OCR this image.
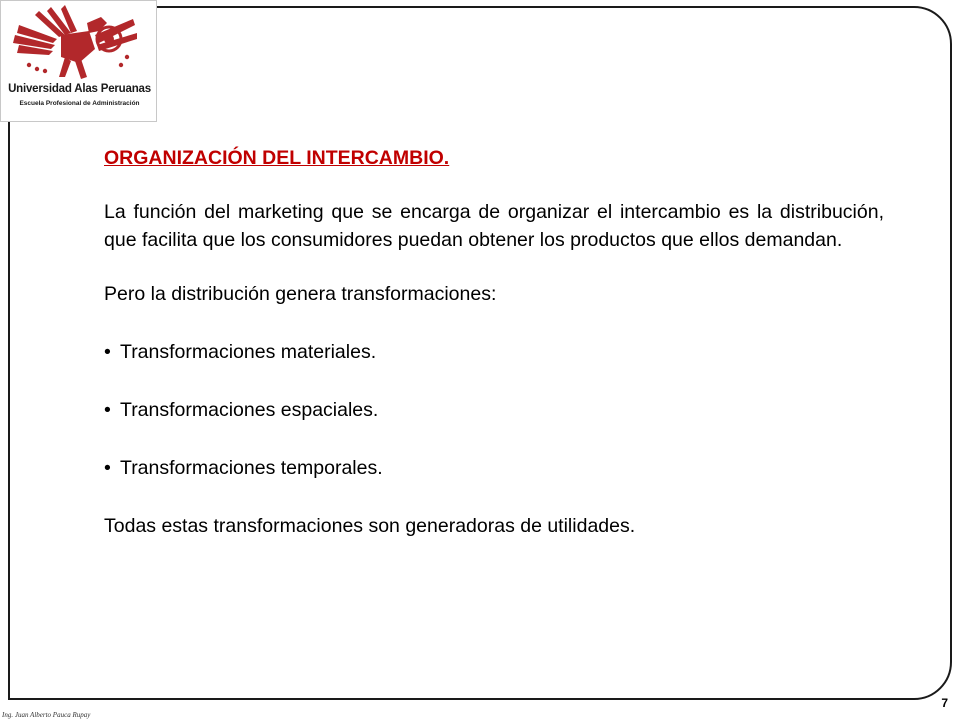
Universidad Alas Peruanas
Escuela Profesional de Administración

ORGANIZACIÓN DEL INTERCAMBIO.

La función del marketing que se encarga de organizar el intercambio es la distribución, que facilita que los consumidores puedan obtener los productos que ellos demandan.

Pero la distribución genera transformaciones:

• Transformaciones materiales.
• Transformaciones espaciales.
• Transformaciones temporales.

Todas estas transformaciones son generadoras de utilidades.

7
Ing. Juan Alberto Pauca Rupay
